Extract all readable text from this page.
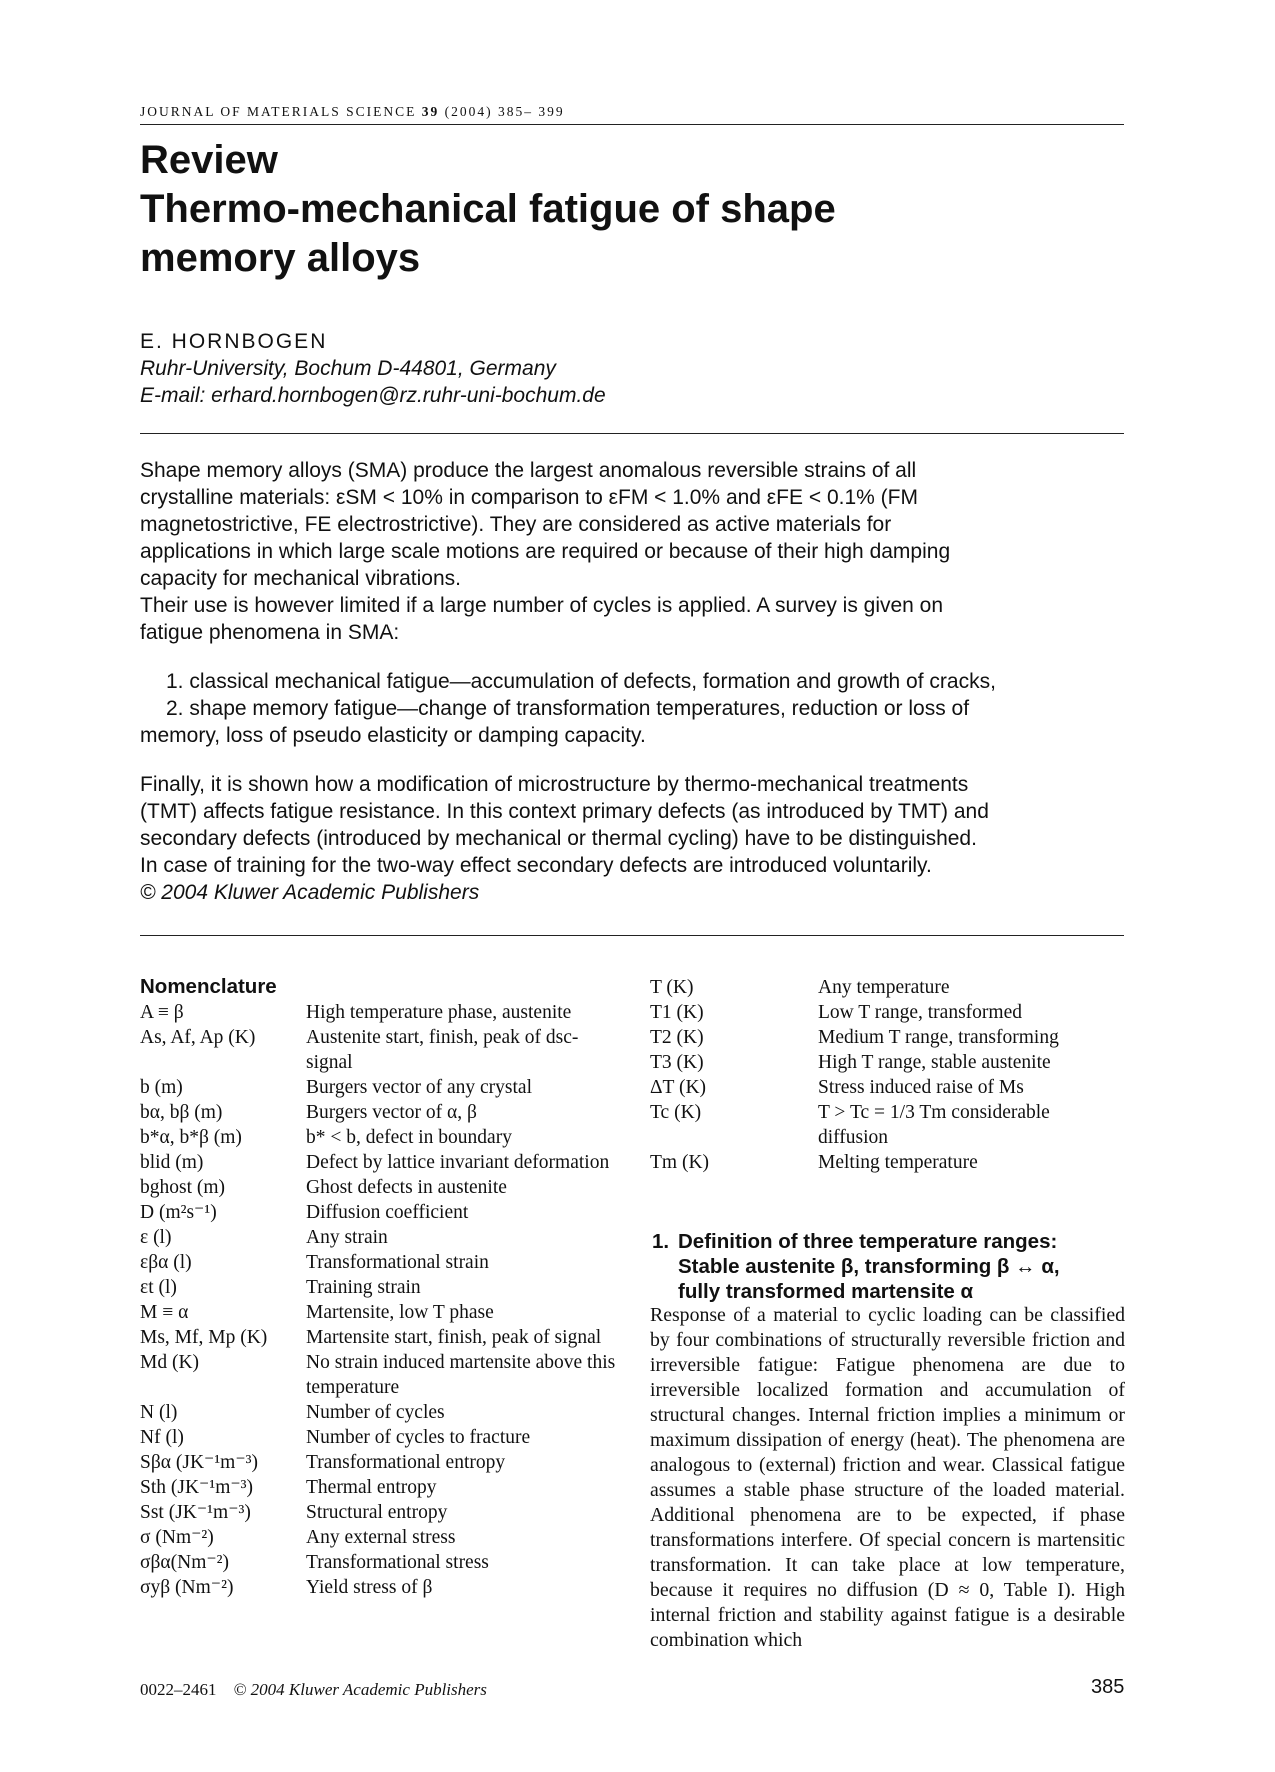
JOURNAL OF MATERIALS SCIENCE 39 (2004) 385– 399
Review
Thermo-mechanical fatigue of shape
memory alloys
E. HORNBOGEN
Ruhr-University, Bochum D-44801, Germany
E-mail: erhard.hornbogen@rz.ruhr-uni-bochum.de

Shape memory alloys (SMA) produce the largest anomalous reversible strains of all

crystalline materials: εSM < 10% in comparison to εFM < 1.0% and εFE < 0.1% (FM

magnetostrictive, FE electrostrictive). They are considered as active materials for

applications in which large scale motions are required or because of their high damping

capacity for mechanical vibrations.

Their use is however limited if a large number of cycles is applied. A survey is given on

fatigue phenomena in SMA:

1. classical mechanical fatigue—accumulation of defects, formation and growth of cracks,

2. shape memory fatigue—change of transformation temperatures, reduction or loss of

memory, loss of pseudo elasticity or damping capacity.

Finally, it is shown how a modification of microstructure by thermo-mechanical treatments

(TMT) affects fatigue resistance. In this context primary defects (as introduced by TMT) and

secondary defects (introduced by mechanical or thermal cycling) have to be distinguished.

In case of training for the two-way effect secondary defects are introduced voluntarily.

© 2004 Kluwer Academic Publishers

Nomenclature
A ≡ β	High temperature phase, austenite
As, Af, Ap (K)	Austenite start, finish, peak of dsc-signal
b (m)	Burgers vector of any crystal
bα, bβ (m)	Burgers vector of α, β
b*α, b*β (m)	b* < b, defect in boundary
blid (m)	Defect by lattice invariant deformation
bghost (m)	Ghost defects in austenite
D (m²s⁻¹)	Diffusion coefficient
ε (l)	Any strain
εβα (l)	Transformational strain
εt (l)	Training strain
M ≡ α	Martensite, low T phase
Ms, Mf, Mp (K)	Martensite start, finish, peak of signal
Md (K)	No strain induced martensite above this temperature
N (l)	Number of cycles
Nf (l)	Number of cycles to fracture
Sβα (JK⁻¹m⁻³)	Transformational entropy
Sth (JK⁻¹m⁻³)	Thermal entropy
Sst (JK⁻¹m⁻³)	Structural entropy
σ (Nm⁻²)	Any external stress
σβα(Nm⁻²)	Transformational stress
σyβ (Nm⁻²)	Yield stress of β
T (K)	Any temperature
T1 (K)	Low T range, transformed
T2 (K)	Medium T range, transforming
T3 (K)	High T range, stable austenite
ΔT (K)	Stress induced raise of Ms
Tc (K)	T > Tc = 1/3 Tm considerable diffusion
Tm (K)	Melting temperature
1. Definition of three temperature ranges:
Stable austenite β, transforming β ↔ α,
fully transformed martensite α
Response of a material to cyclic loading can be classified by four combinations of structurally reversible friction and irreversible fatigue: Fatigue phenomena are due to irreversible localized formation and accumulation of structural changes. Internal friction implies a minimum or maximum dissipation of energy (heat). The phenomena are analogous to (external) friction and wear. Classical fatigue assumes a stable phase structure of the loaded material. Additional phenomena are to be expected, if phase transformations interfere. Of special concern is martensitic transformation. It can take place at low temperature, because it requires no diffusion (D ≈ 0, Table I). High internal friction and stability against fatigue is a desirable combination which
0022–2461 © 2004 Kluwer Academic Publishers	385
